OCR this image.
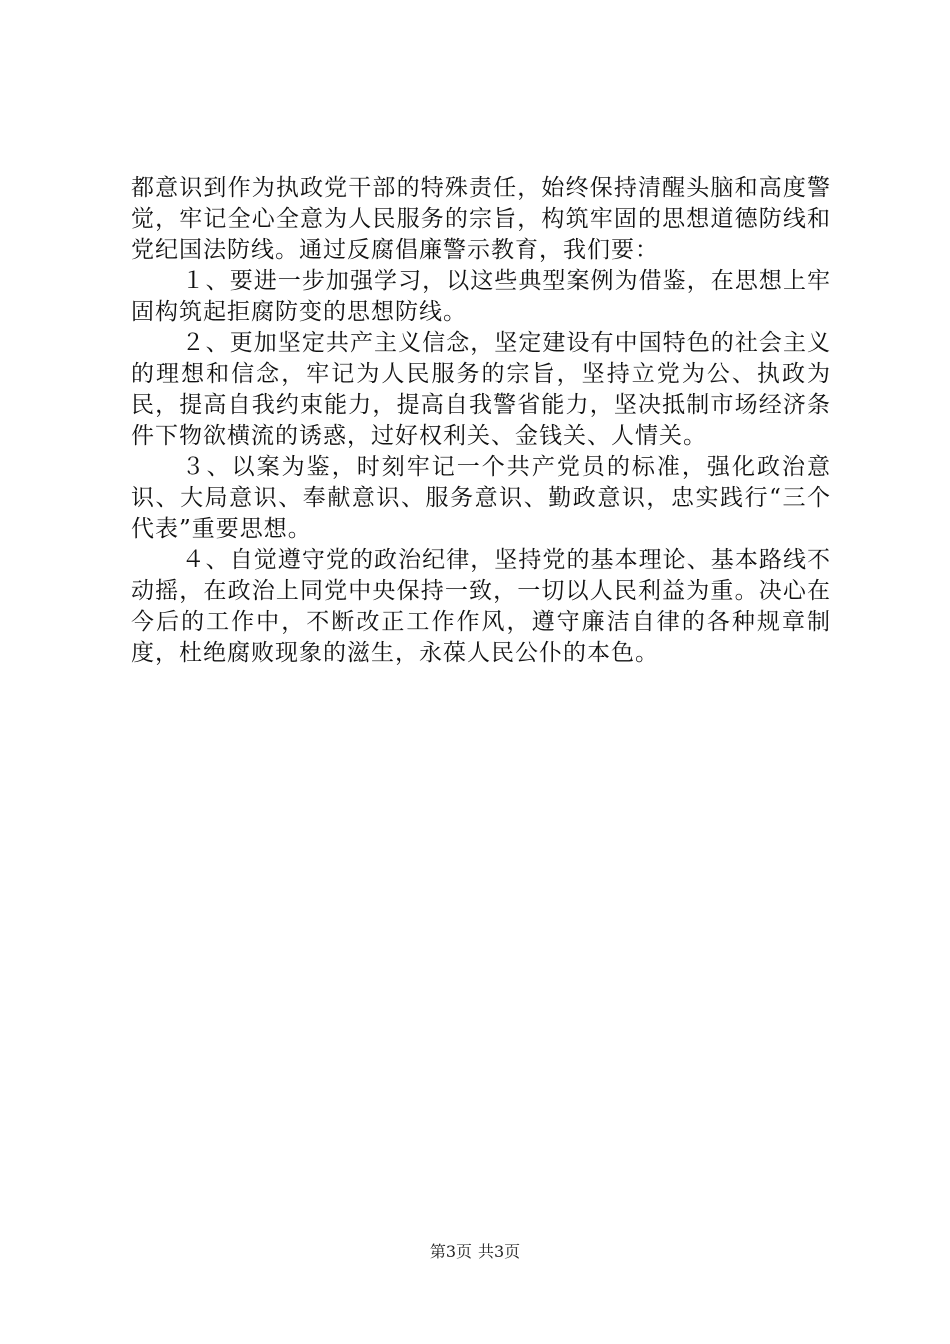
都意识到作为执政党干部的特殊责任，始终保持清醒头脑和高度警觉，牢记全心全意为人民服务的宗旨，构筑牢固的思想道德防线和党纪国法防线。通过反腐倡廉警示教育，我们要：

１、要进一步加强学习，以这些典型案例为借鉴，在思想上牢固构筑起拒腐防变的思想防线。

２、更加坚定共产主义信念，坚定建设有中国特色的社会主义的理想和信念，牢记为人民服务的宗旨，坚持立党为公、执政为民，提高自我约束能力，提高自我警省能力，坚决抵制市场经济条件下物欲横流的诱惑，过好权利关、金钱关、人情关。

３、以案为鉴，时刻牢记一个共产党员的标准，强化政治意识、大局意识、奉献意识、服务意识、勤政意识，忠实践行“三个代表”重要思想。

４、自觉遵守党的政治纪律，坚持党的基本理论、基本路线不动摇，在政治上同党中央保持一致，一切以人民利益为重。决心在今后的工作中，不断改正工作作风，遵守廉洁自律的各种规章制度，杜绝腐败现象的滋生，永葆人民公仆的本色。

第3页 共3页
